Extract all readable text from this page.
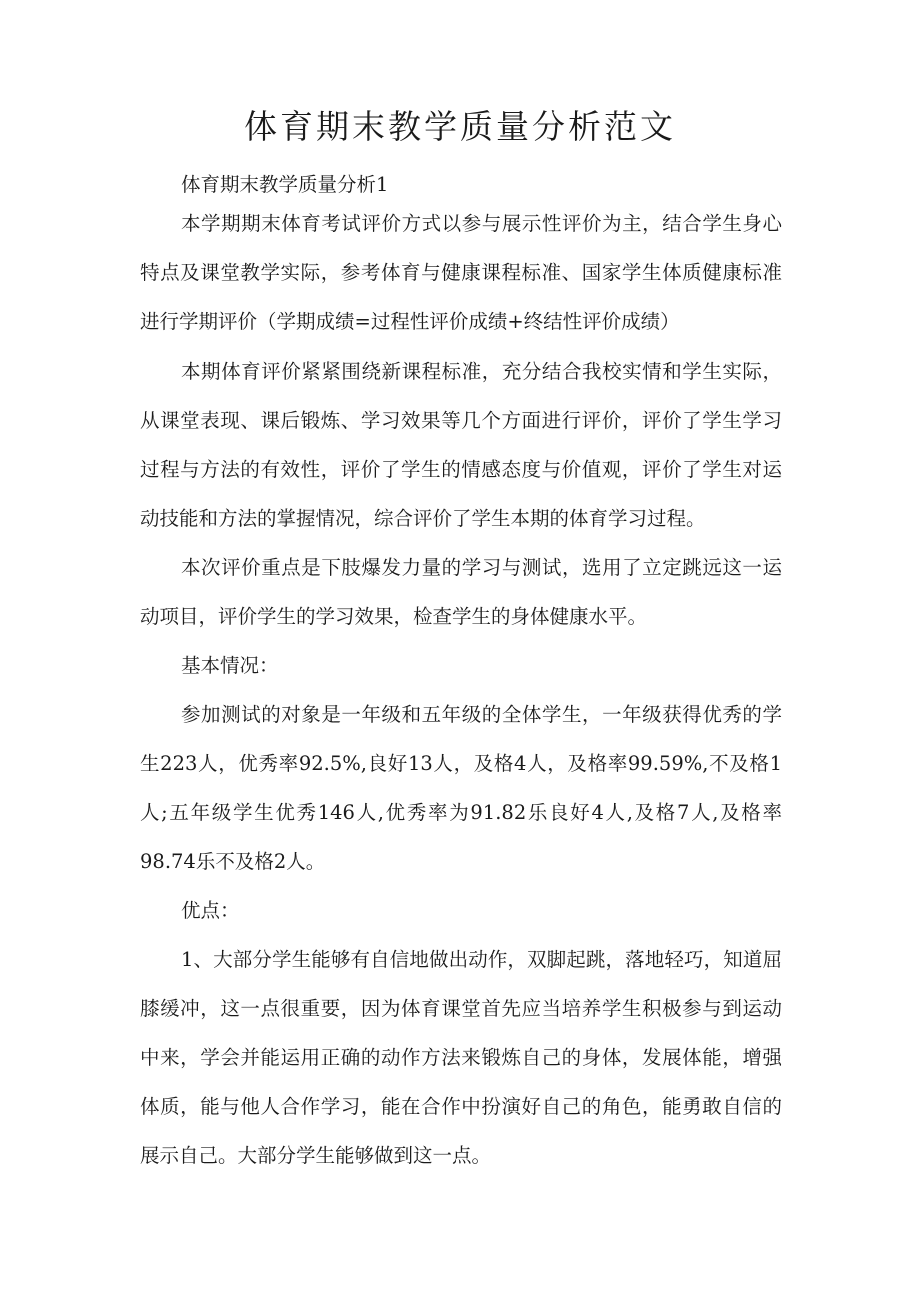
体育期末教学质量分析范文

体育期末教学质量分析1

本学期期末体育考试评价方式以参与展示性评价为主，结合学生身心特点及课堂教学实际，参考体育与健康课程标准、国家学生体质健康标准进行学期评价（学期成绩=过程性评价成绩+终结性评价成绩）

本期体育评价紧紧围绕新课程标准，充分结合我校实情和学生实际，从课堂表现、课后锻炼、学习效果等几个方面进行评价，评价了学生学习过程与方法的有效性，评价了学生的情感态度与价值观，评价了学生对运动技能和方法的掌握情况，综合评价了学生本期的体育学习过程。

本次评价重点是下肢爆发力量的学习与测试，选用了立定跳远这一运动项目，评价学生的学习效果，检查学生的身体健康水平。

基本情况：

参加测试的对象是一年级和五年级的全体学生，一年级获得优秀的学生223人，优秀率92.5%,良好13人，及格4人，及格率99.59%,不及格1人;五年级学生优秀146人,优秀率为91.82乐良好4人,及格7人,及格率98.74乐不及格2人。

优点：

1、大部分学生能够有自信地做出动作，双脚起跳，落地轻巧，知道屈膝缓冲，这一点很重要，因为体育课堂首先应当培养学生积极参与到运动中来，学会并能运用正确的动作方法来锻炼自己的身体，发展体能，增强体质，能与他人合作学习，能在合作中扮演好自己的角色，能勇敢自信的展示自己。大部分学生能够做到这一点。
